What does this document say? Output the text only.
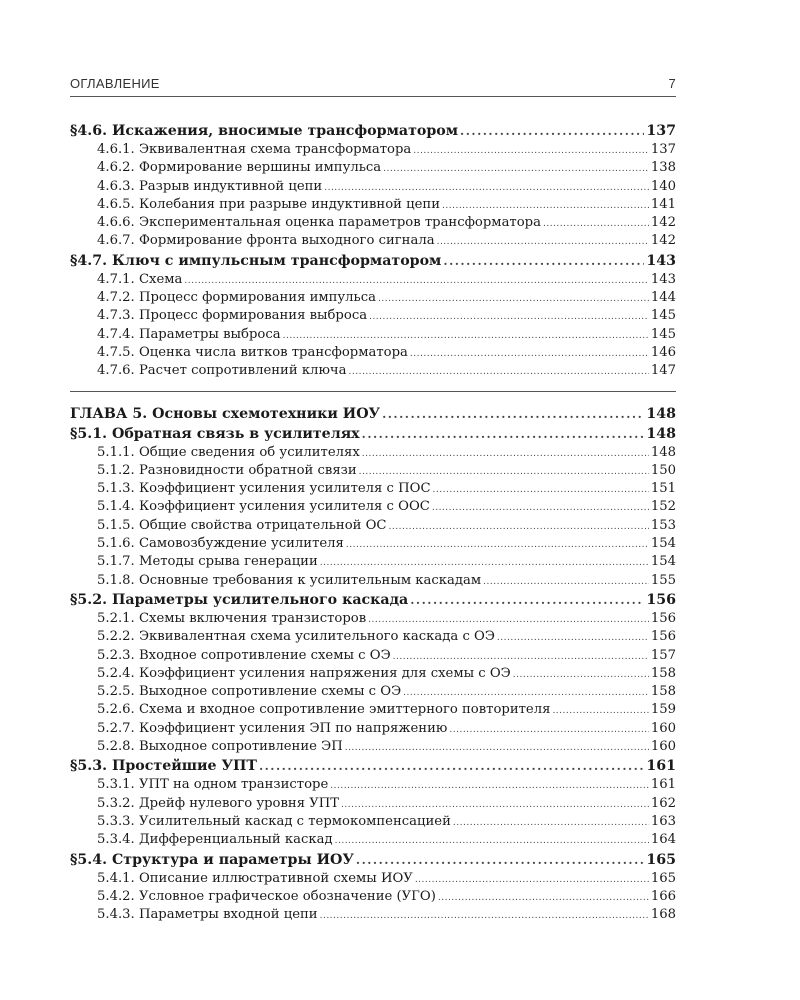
ОГЛАВЛЕНИЕ	7
§4.6. Искажения, вносимые трансформатором .....	137
4.6.1. Эквивалентная схема трансформатора .....	137
4.6.2. Формирование вершины импульса .....	138
4.6.3. Разрыв индуктивной цепи .....	140
4.6.5. Колебания при разрыве индуктивной цепи .....	141
4.6.6. Экспериментальная оценка параметров трансформатора .....	142
4.6.7. Формирование фронта выходного сигнала .....	142
§4.7. Ключ с импульсным трансформатором .....	143
4.7.1. Схема .....	143
4.7.2. Процесс формирования импульса .....	144
4.7.3. Процесс формирования выброса .....	145
4.7.4. Параметры выброса .....	145
4.7.5. Оценка числа витков трансформатора .....	146
4.7.6. Расчет сопротивлений ключа .....	147
ГЛАВА 5. Основы схемотехники ИОУ .....	148
§5.1. Обратная связь в усилителях .....	148
5.1.1. Общие сведения об усилителях .....	148
5.1.2. Разновидности обратной связи .....	150
5.1.3. Коэффициент усиления усилителя с ПОС .....	151
5.1.4. Коэффициент усиления усилителя с ООС .....	152
5.1.5. Общие свойства отрицательной ОС .....	153
5.1.6. Самовозбуждение усилителя .....	154
5.1.7. Методы срыва генерации .....	154
5.1.8. Основные требования к усилительным каскадам .....	155
§5.2. Параметры усилительного каскада .....	156
5.2.1. Схемы включения транзисторов .....	156
5.2.2. Эквивалентная схема усилительного каскада с ОЭ .....	156
5.2.3. Входное сопротивление схемы с ОЭ .....	157
5.2.4. Коэффициент усиления напряжения для схемы с ОЭ .....	158
5.2.5. Выходное сопротивление схемы с ОЭ .....	158
5.2.6. Схема и входное сопротивление эмиттерного повторителя .....	159
5.2.7. Коэффициент усиления ЭП по напряжению .....	160
5.2.8. Выходное сопротивление ЭП .....	160
§5.3. Простейшие УПТ .....	161
5.3.1. УПТ на одном транзисторе .....	161
5.3.2. Дрейф нулевого уровня УПТ .....	162
5.3.3. Усилительный каскад с термокомпенсацией .....	163
5.3.4. Дифференциальный каскад .....	164
§5.4. Структура и параметры ИОУ .....	165
5.4.1. Описание иллюстративной схемы ИОУ .....	165
5.4.2. Условное графическое обозначение (УГО) .....	166
5.4.3. Параметры входной цепи .....	168
